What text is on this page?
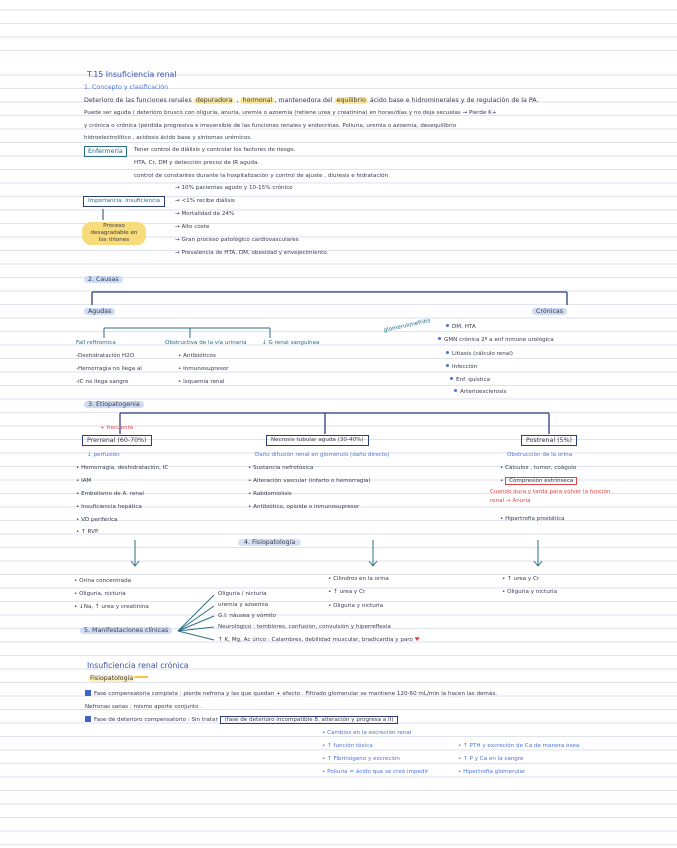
T.15 Insuficiencia renal
1. Concepto y clasificación
Deterioro de las funciones renales depuradora , hormonal , mantenedora del equilibrio ácido base e hidrominerales y de regulación de la PA.
Puede ser aguda ( deterioro brusco con oliguria, anuria, uremia o azoemia (retiene urea y creatinina) en horas/días y no deja secuelas → Pierde K+
y crónica o crónica (pérdida progresiva e irreversible de las funciones renales y endocrinas. Poliuria, uremia o azoemia, desequilibrio
hidroelectrolítico , acidosis ácido base y síntomas urémicos.
Enfermería	Tener control de diálisis y controlar los factores de riesgo.
HTA, Cr, DM y detección precoz de IR aguda.
control de constantes durante la hospitalización y control de ajuste , diuresis e hidratación
Importancia: Insuficiencia
Proceso desagradable en los riñones
→ 10% pacientes agudo y 10-15% crónico
→ <1% recibe diálisis
→ Mortalidad de 24%
→ Alto coste
→ Gran proceso patológico cardiovasculares
→ Prevalencia de HTA, DM, obesidad y envejecimiento.
2. Causas
Agudas	Crónicas
Fall reftrómica
-Deshidratación H2O
-Hemorragia no llega al
-IC no llega sangre
Obstructiva de la vía urinaria
• Antibióticos
• Inmunosupresor
• Isquemia renal
↓ G renal sanguínea
glomerulonefritis	DM, HTA
GMN crónica 2º a enf inmune urológica
Litiasis (cálculo renal)
Infección
Enf. quística
Arterioesclerosis
3. Etiopatogenia
+ frecuente
Prerrenal (60-70%)	Necrosis tubular aguda (30-40%)	Postrenal (5%)
↓ perfusión
• Hemorragia, deshidratación, IC
• IAM
• Embolismo de A. renal
• Insuficiencia hepática
• VD periférica
• ↑ RVP
Daño difusión renal en glomérulo (daño directo)
• Sustancia nefrotóxica
• Alteración vascular (infarto o hemorragia)
• Rabdomiolisis
• Antibiótico, opioide o inmunosupresor
Obstrucción de la orina
• Cálculos , tumor, coágulo
• Compresión extrínseca
Cuando dura y tarda para volver la función renal → Anuria
• Hipertrofia prostática
4. Fisiopatología
• Orina concentrada
• Oliguria, nicturia
• ↓Na, ↑ urea y creatinina
• Cilindros en la orina
• ↑ urea y Cr
• Oliguria y nicturia
• ↑ urea y Cr
• Oliguria y nicturia
5. Manifestaciones clínicas
Oliguria / nicturia
uremia y azoemia
G.I: náusea y vómito
Neurológico : temblores, confusión, convulsión y hiperreflexia
↑ K, Mg, Ac úrico : Calambres, debilidad muscular, bradicardia y paro ♥
Insuficiencia renal crónica
Fisiopatología
Fase compensatoria completa : pierde nefrona y las que quedan + efecto . Filtrado glomerular se mantiene 120-60 mL/min la hacen las demás.
Nefronas sanas : mismo aporte conjunto .
Fase de deterioro compensatorio : Sin tratar (fase de deterioro incompatible 8, alteración y progresa a II)
• Cambios en la excreción renal
• ↑ función tóxica
• ↑ Fibrinógeno y excreción
• Poliuria = ácido que se creó impedir
• ↑ PTH y excreción de Ca de manera ósea
• ↑ P y Ca en la sangre
• Hipertrofia glomerular
